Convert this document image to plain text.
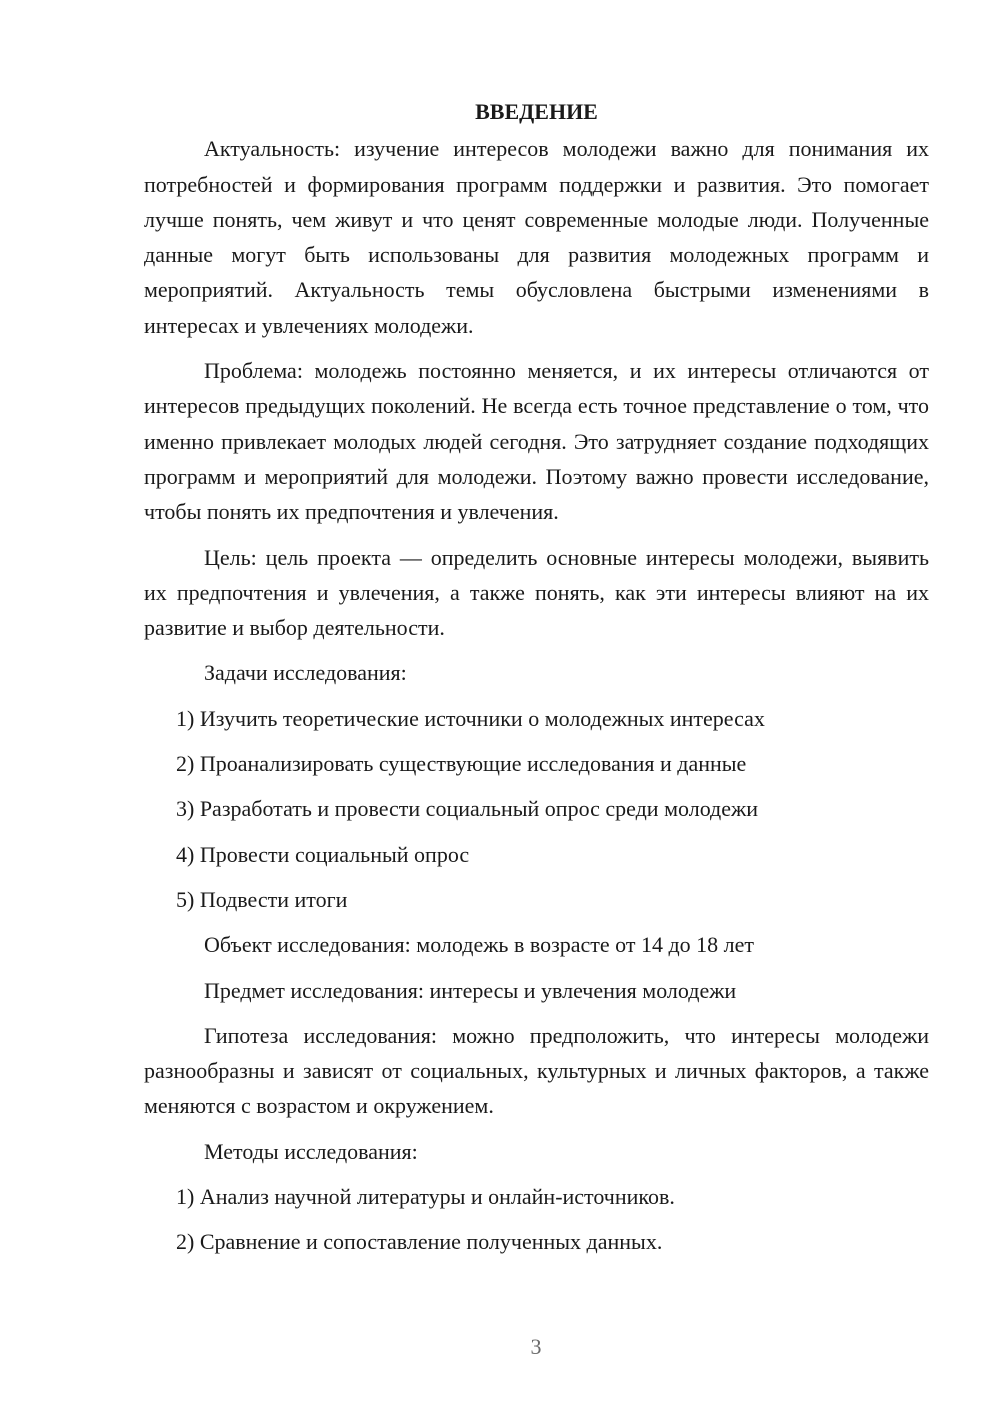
ВВЕДЕНИЕ

Актуальность: изучение интересов молодежи важно для понимания их потребностей и формирования программ поддержки и развития. Это помогает лучше понять, чем живут и что ценят современные молодые люди. Полученные данные могут быть использованы для развития молодежных программ и мероприятий. Актуальность темы обусловлена быстрыми изменениями в интересах и увлечениях молодежи.

Проблема: молодежь постоянно меняется, и их интересы отличаются от интересов предыдущих поколений. Не всегда есть точное представление о том, что именно привлекает молодых людей сегодня. Это затрудняет создание подходящих программ и мероприятий для молодежи. Поэтому важно провести исследование, чтобы понять их предпочтения и увлечения.

Цель: цель проекта — определить основные интересы молодежи, выявить их предпочтения и увлечения, а также понять, как эти интересы влияют на их развитие и выбор деятельности.

Задачи исследования:

1) Изучить теоретические источники о молодежных интересах

2) Проанализировать существующие исследования и данные

3) Разработать и провести социальный опрос среди молодежи

4) Провести социальный опрос

5) Подвести итоги

Объект исследования: молодежь в возрасте от 14 до 18 лет

Предмет исследования: интересы и увлечения молодежи

Гипотеза исследования: можно предположить, что интересы молодежи разнообразны и зависят от социальных, культурных и личных факторов, а также меняются с возрастом и окружением.

Методы исследования:

1) Анализ научной литературы и онлайн-источников.

2) Сравнение и сопоставление полученных данных.

3
